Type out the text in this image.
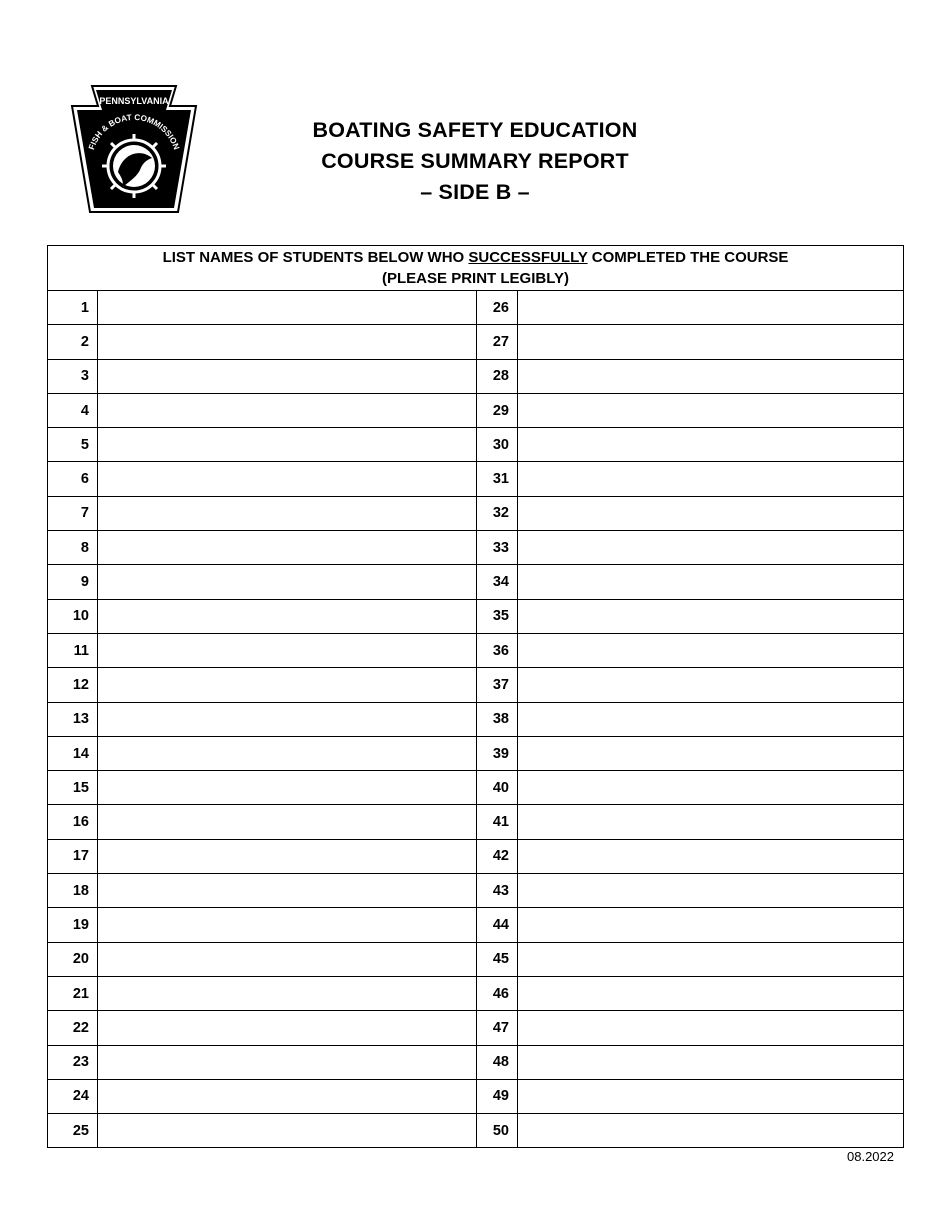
PENNSYLVANIA
FISH & BOAT COMMISSION
BOATING SAFETY EDUCATION
COURSE SUMMARY REPORT
– SIDE B –
LIST NAMES OF STUDENTS BELOW WHO SUCCESSFULLY COMPLETED THE COURSE
(PLEASE PRINT LEGIBLY)			

1		26	
2		27	
3		28	
4		29	
5		30	
6		31	
7		32	
8		33	
9		34	
10		35	
11		36	
12		37	
13		38	
14		39	
15		40	
16		41	
17		42	
18		43	
19		44	
20		45	
21		46	
22		47	
23		48	
24		49	
25		50	
08.2022
